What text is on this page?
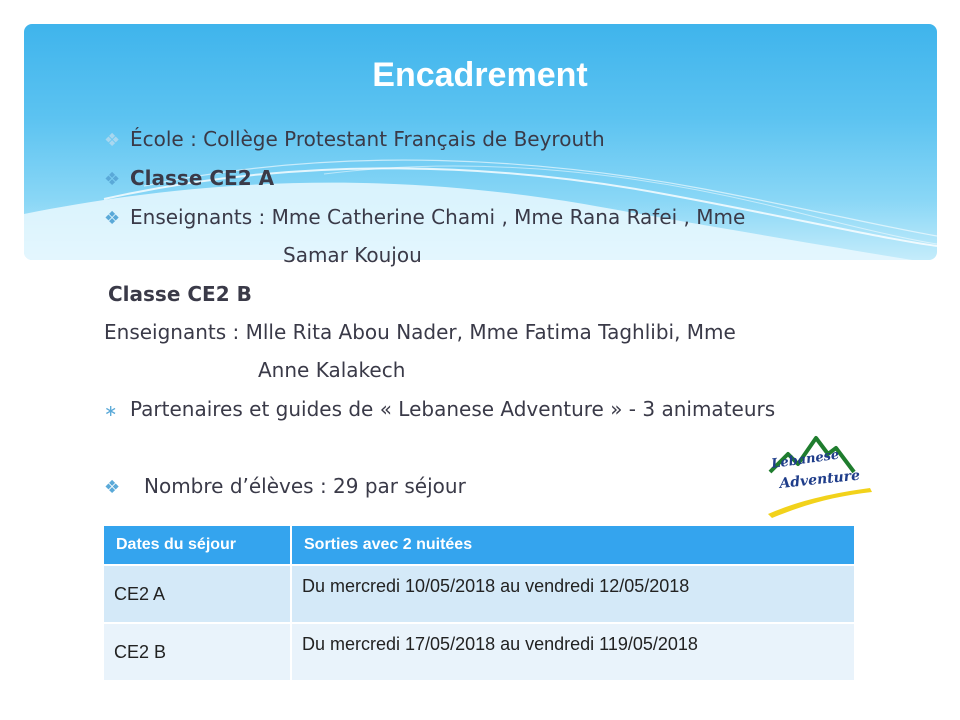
Encadrement
❖ École : Collège Protestant Français de Beyrouth
❖ Classe CE2 A
❖ Enseignants : Mme Catherine Chami , Mme Rana Rafei , Mme
Samar Koujou
Classe CE2 B
Enseignants : Mlle Rita Abou Nader, Mme Fatima Taghlibi, Mme
Anne Kalakech
∗ Partenaires et guides de « Lebanese Adventure » - 3 animateurs
❖ Nombre d’élèves : 29 par séjour
Lebanese
Adventure
Dates du séjour	Sorties avec 2 nuitées
CE2 A	Du mercredi 10/05/2018 au vendredi 12/05/2018
CE2 B	Du mercredi 17/05/2018 au vendredi 119/05/2018
